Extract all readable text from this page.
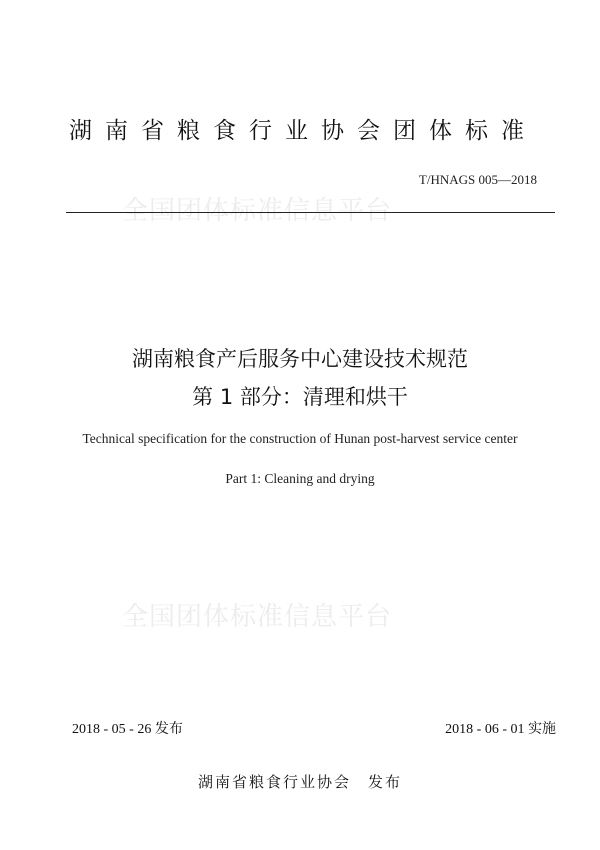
湖南省粮食行业协会团体标准
T/HNAGS 005—2018
全国团体标准信息平台
湖南粮食产后服务中心建设技术规范
第 1 部分：清理和烘干
Technical specification for the construction of Hunan post-harvest service center
Part 1: Cleaning and drying
全国团体标准信息平台
2018 - 05 - 26 发布	2018 - 06 - 01 实施
湖南省粮食行业协会　发布
